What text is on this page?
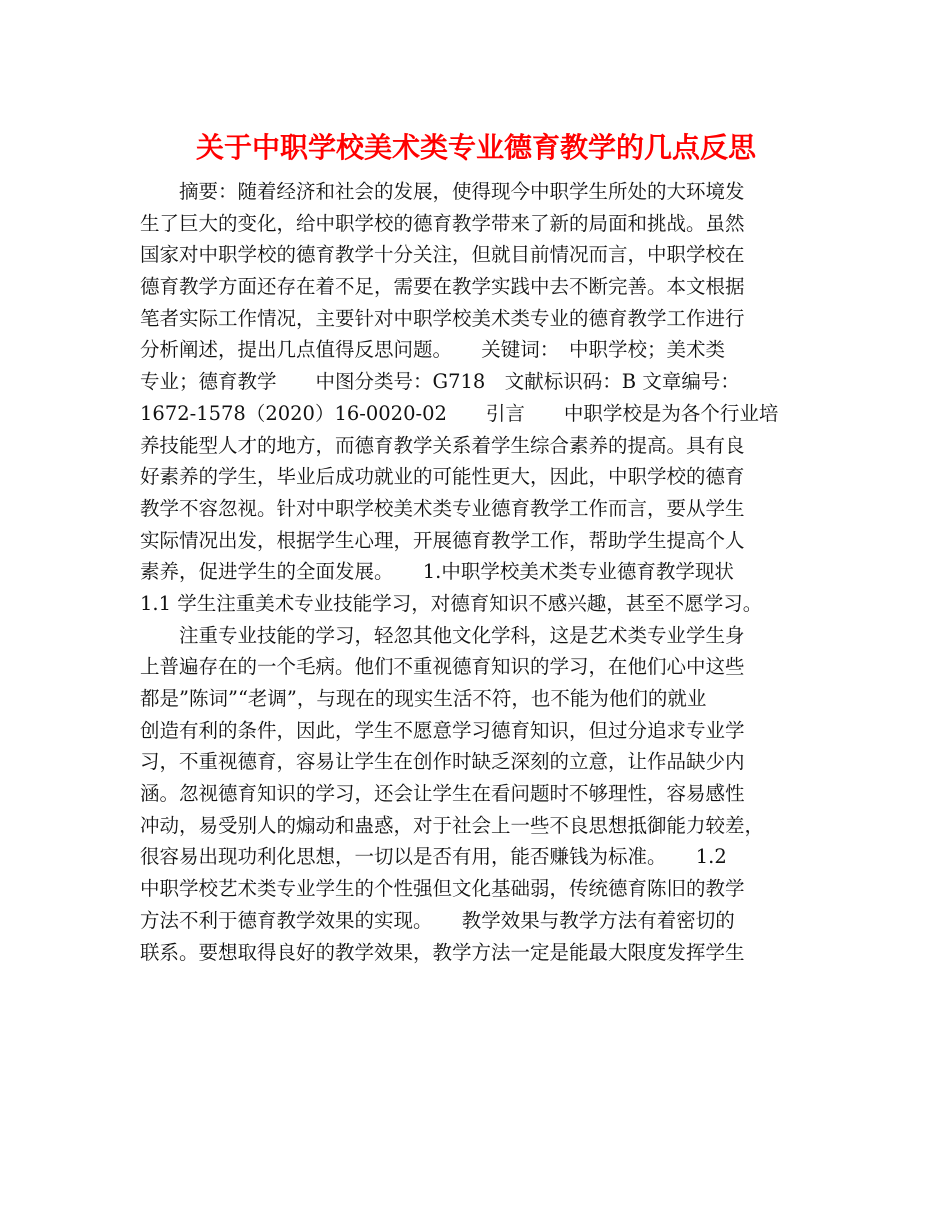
关于中职学校美术类专业德育教学的几点反思
　　摘要：随着经济和社会的发展，使得现今中职学生所处的大环境发
生了巨大的变化，给中职学校的德育教学带来了新的局面和挑战。虽然
国家对中职学校的德育教学十分关注，但就目前情况而言，中职学校在
德育教学方面还存在着不足，需要在教学实践中去不断完善。本文根据
笔者实际工作情况，主要针对中职学校美术类专业的德育教学工作进行
分析阐述，提出几点值得反思问题。　　关键词：　中职学校；美术类
专业；德育教学　　中图分类号：G718　文献标识码：B 文章编号：
1672-1578（2020）16-0020-02　　引言　　中职学校是为各个行业培
养技能型人才的地方，而德育教学关系着学生综合素养的提高。具有良
好素养的学生，毕业后成功就业的可能性更大，因此，中职学校的德育
教学不容忽视。针对中职学校美术类专业德育教学工作而言，要从学生
实际情况出发，根据学生心理，开展德育教学工作，帮助学生提高个人
素养，促进学生的全面发展。　　1.中职学校美术类专业德育教学现状
1.1 学生注重美术专业技能学习，对德育知识不感兴趣，甚至不愿学习。
　　注重专业技能的学习，轻忽其他文化学科，这是艺术类专业学生身
上普遍存在的一个毛病。他们不重视德育知识的学习，在他们心中这些
都是”陈词”“老调”，与现在的现实生活不符，也不能为他们的就业
创造有利的条件，因此，学生不愿意学习德育知识，但过分追求专业学
习，不重视德育，容易让学生在创作时缺乏深刻的立意，让作品缺少内
涵。忽视德育知识的学习，还会让学生在看问题时不够理性，容易感性
冲动，易受别人的煽动和蛊惑，对于社会上一些不良思想抵御能力较差，
很容易出现功利化思想，一切以是否有用，能否赚钱为标准。　　1.2
中职学校艺术类专业学生的个性强但文化基础弱，传统德育陈旧的教学
方法不利于德育教学效果的实现。　　教学效果与教学方法有着密切的
联系。要想取得良好的教学效果，教学方法一定是能最大限度发挥学生
